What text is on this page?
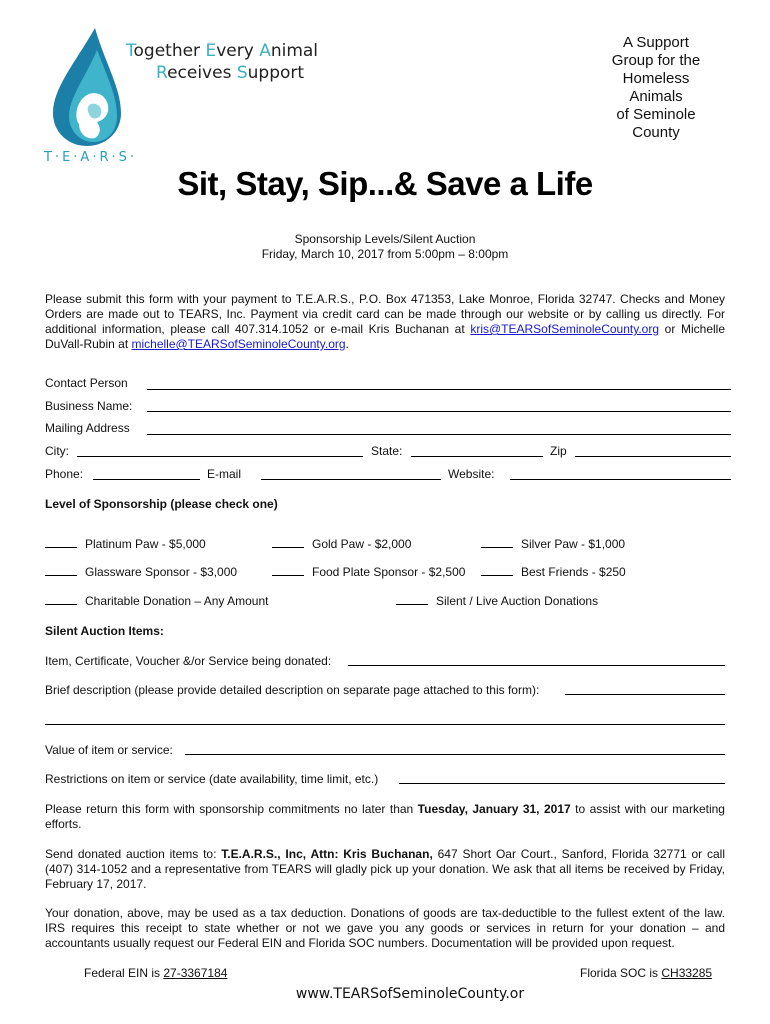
Together Every Animal
Receives Support
T·E·A·R·S·
A Support
Group for the
Homeless
Animals
of Seminole
County
Sit, Stay, Sip...& Save a Life
Sponsorship Levels/Silent Auction
Friday, March 10, 2017 from 5:00pm – 8:00pm
Please submit this form with your payment to T.E.A.R.S., P.O. Box 471353, Lake Monroe, Florida 32747. Checks and Money Orders are made out to TEARS, Inc. Payment via credit card can be made through our website or by calling us directly. For additional information, please call 407.314.1052 or e-mail Kris Buchanan at kris@TEARSofSeminoleCounty.org or Michelle DuVall-Rubin at michelle@TEARSofSeminoleCounty.org.
Contact Person
Business Name:
Mailing Address
City:	State:	Zip
Phone:	E-mail	Website:
Level of Sponsorship (please check one)
Platinum Paw - $5,000	Gold Paw - $2,000	Silver Paw - $1,000
Glassware Sponsor - $3,000	Food Plate Sponsor - $2,500	Best Friends - $250
Charitable Donation – Any Amount	Silent / Live Auction Donations
Silent Auction Items:
Item, Certificate, Voucher &/or Service being donated:
Brief description (please provide detailed description on separate page attached to this form):
Value of item or service:
Restrictions on item or service (date availability, time limit, etc.)
Please return this form with sponsorship commitments no later than Tuesday, January 31, 2017 to assist with our marketing efforts.
Send donated auction items to: T.E.A.R.S., Inc, Attn: Kris Buchanan, 647 Short Oar Court., Sanford, Florida 32771 or call (407) 314-1052 and a representative from TEARS will gladly pick up your donation. We ask that all items be received by Friday, February 17, 2017.
Your donation, above, may be used as a tax deduction. Donations of goods are tax-deductible to the fullest extent of the law. IRS requires this receipt to state whether or not we gave you any goods or services in return for your donation – and accountants usually request our Federal EIN and Florida SOC numbers. Documentation will be provided upon request.
Federal EIN is 27-3367184	Florida SOC is CH33285
www.TEARSofSeminoleCounty.or
